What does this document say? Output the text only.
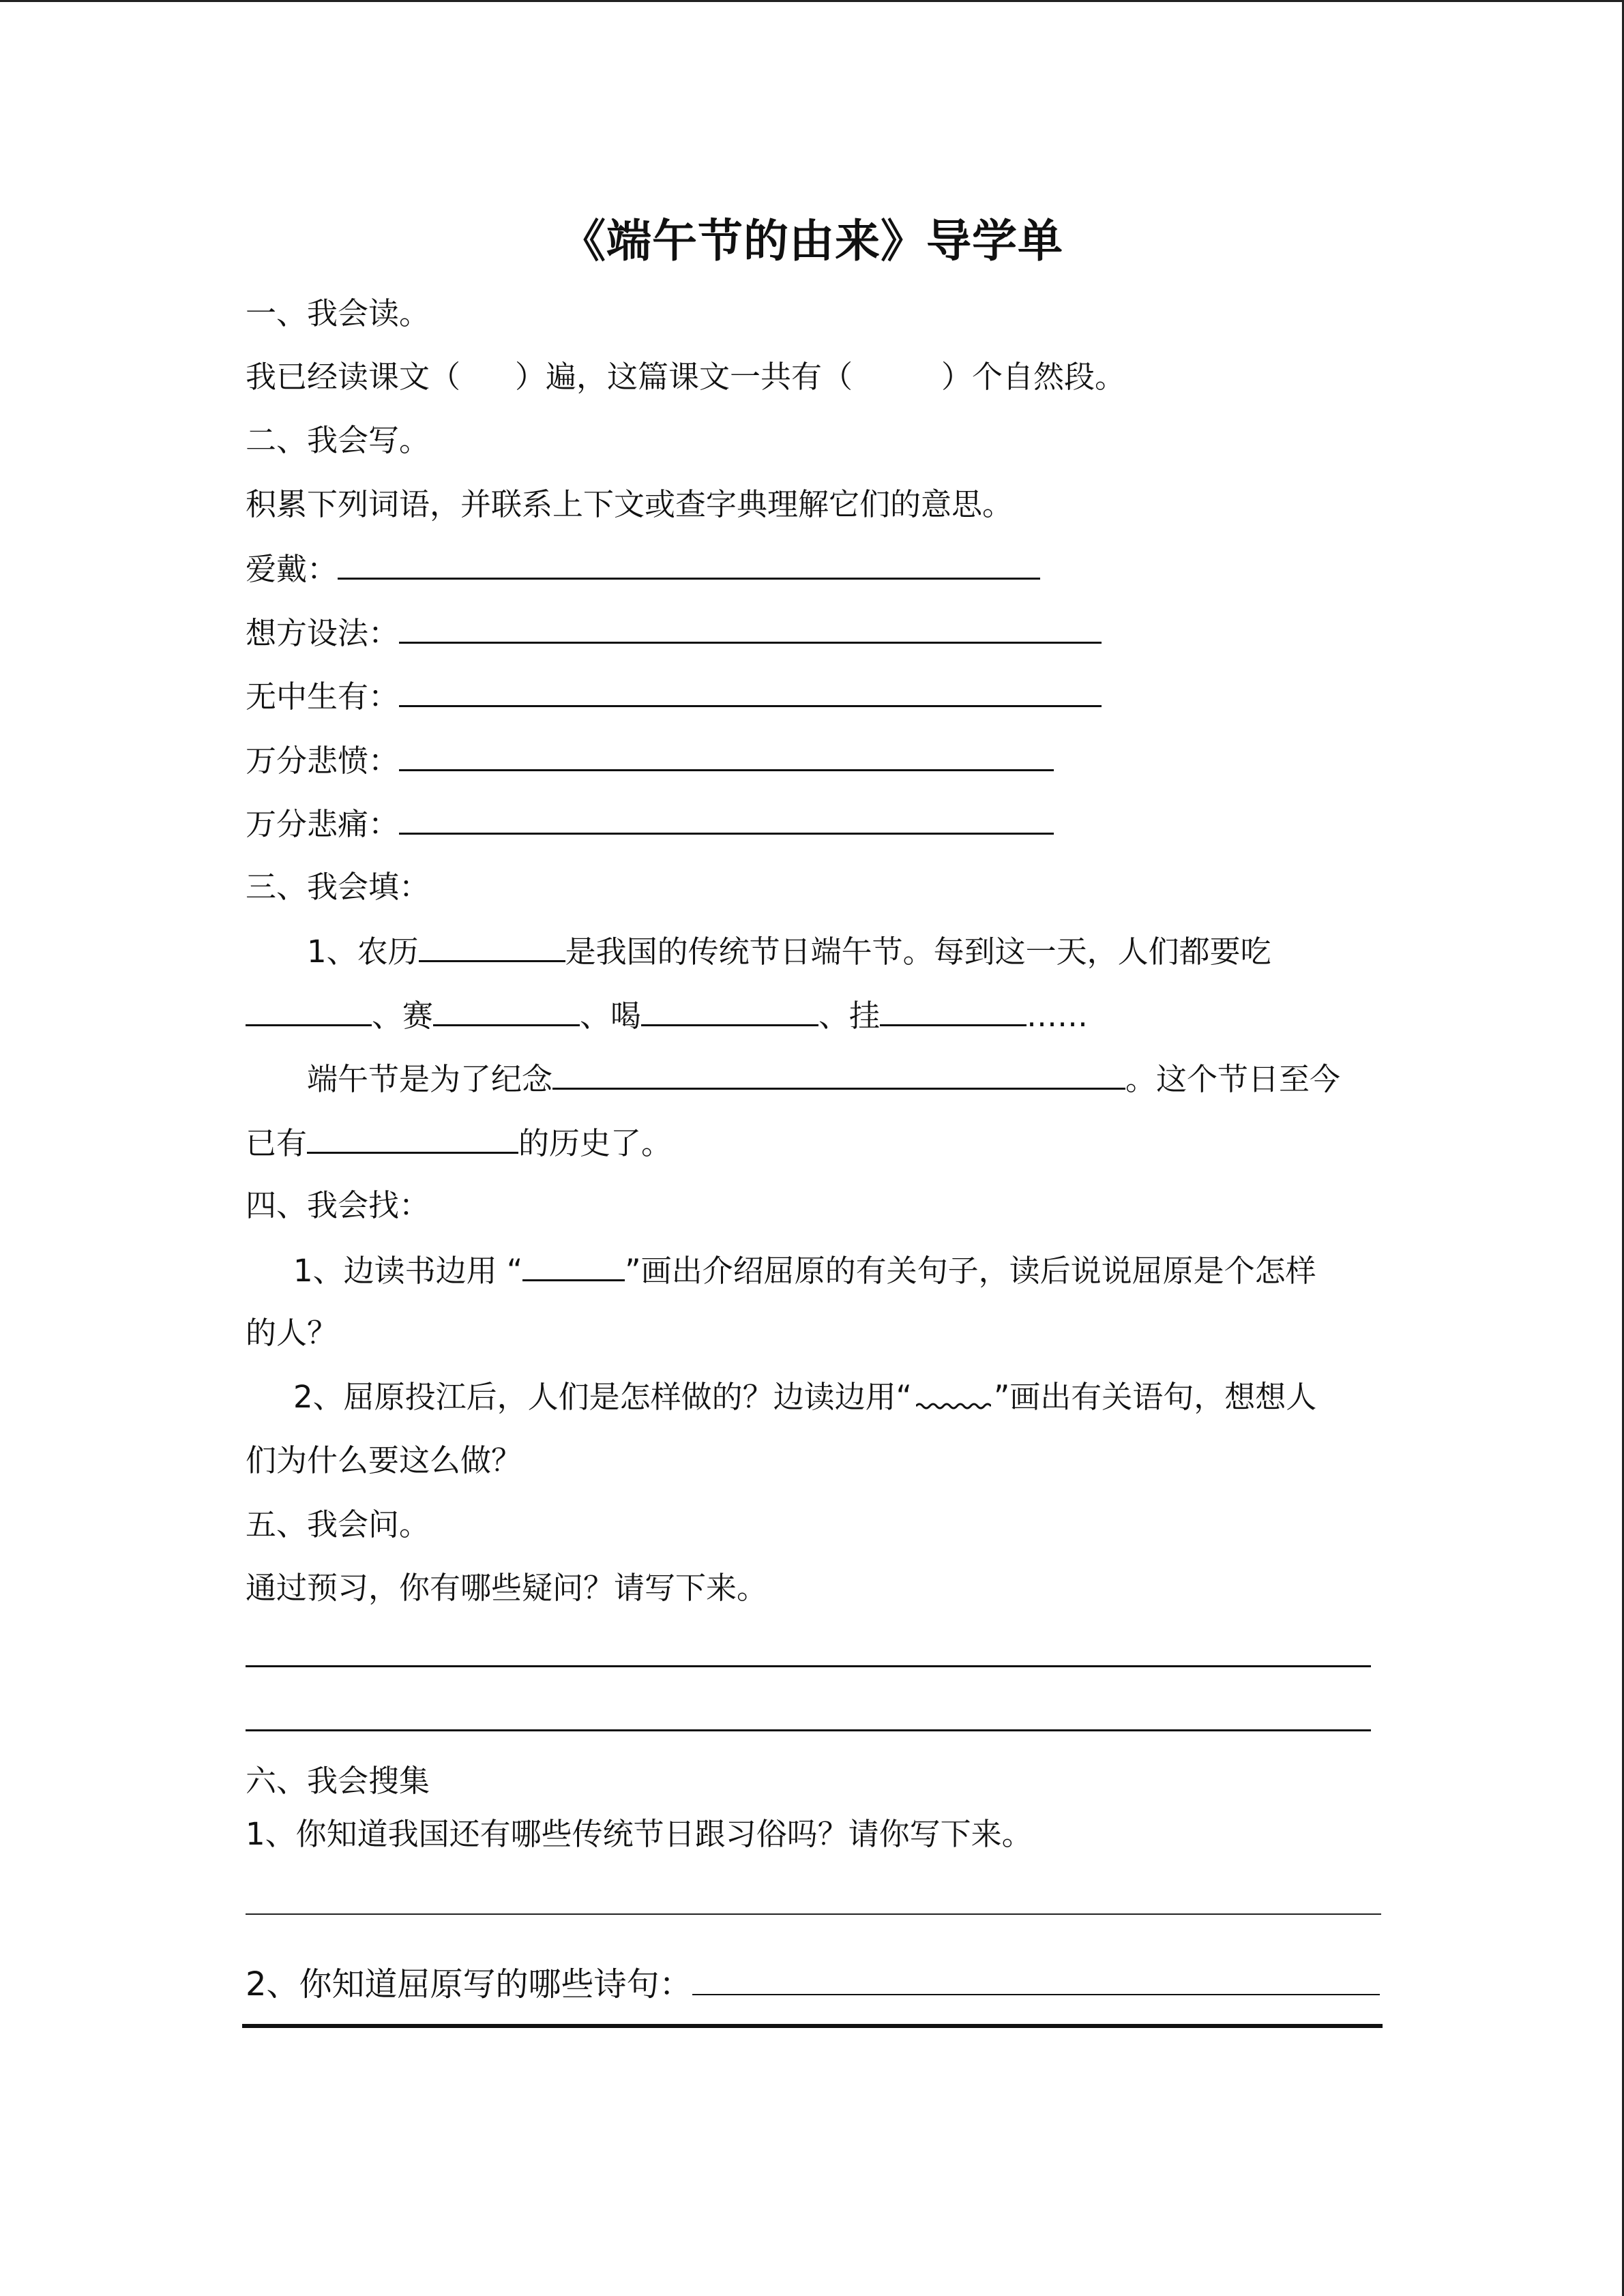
《端午节的由来》导学单
一、我会读。
我已经读课文（ ）遍，这篇课文一共有（	）个自然段。
二、我会写。
积累下列词语，并联系上下文或查字典理解它们的意思。
爱戴：
想方设法：
无中生有：
万分悲愤：
万分悲痛：
三、我会填：
1、农历	是我国的传统节日端午节。每到这一天，人们都要吃
、赛	、喝	、挂	……
端午节是为了纪念	。这个节日至今
已有	的历史了。
四、我会找：
1、边读书边用 “	”画出介绍屈原的有关句子，读后说说屈原是个怎样
的人？
2、屈原投江后，人们是怎样做的？边读边用“	”画出有关语句，想想人
们为什么要这么做？
五、我会问。
通过预习，你有哪些疑问？请写下来。
六、我会搜集
1、你知道我国还有哪些传统节日跟习俗吗？请你写下来。
2、你知道屈原写的哪些诗句：
